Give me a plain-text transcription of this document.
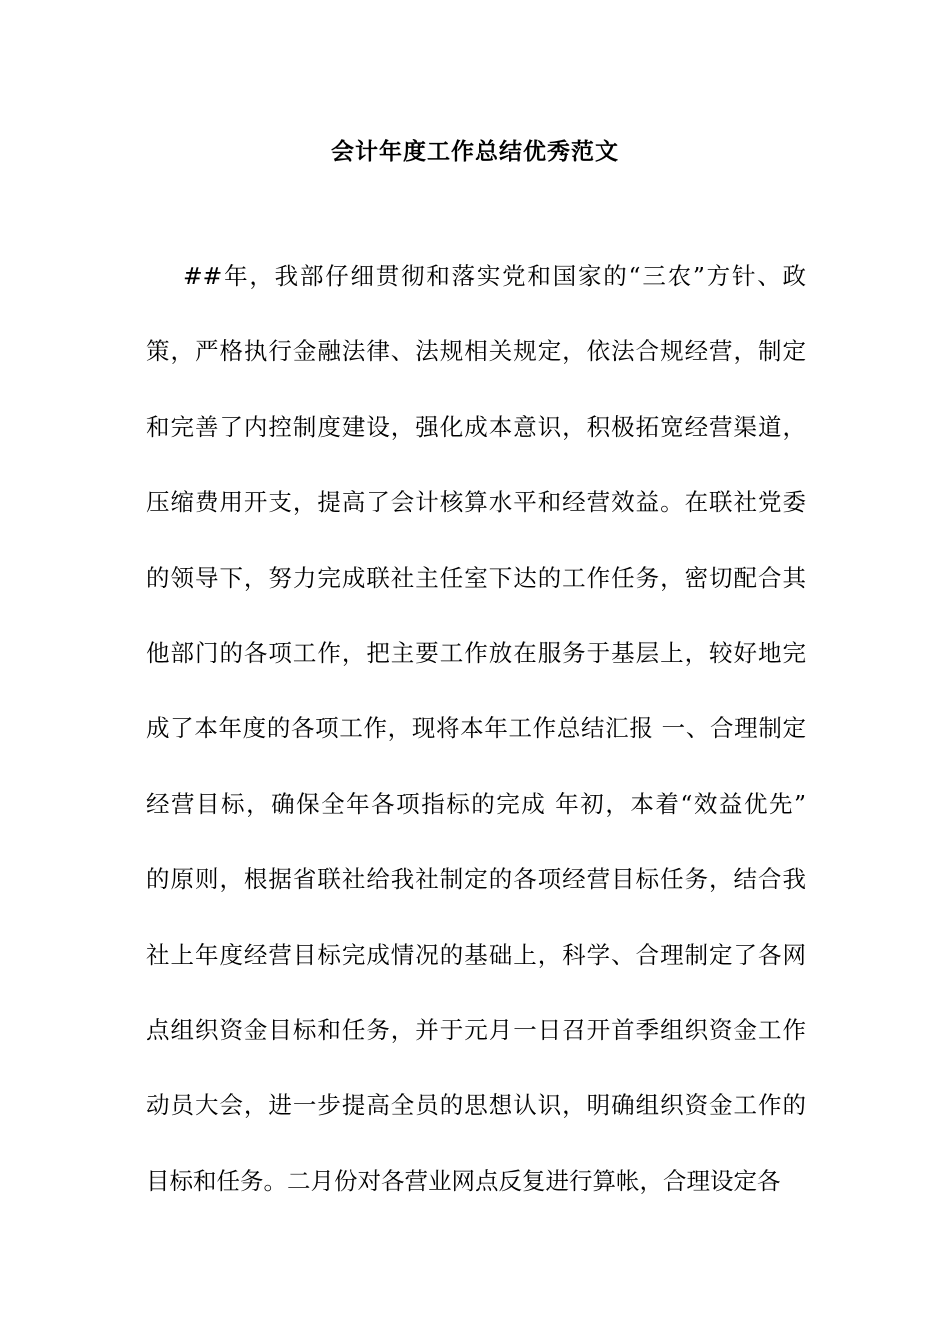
会计年度工作总结优秀范文
##年，我部仔细贯彻和落实党和国家的“三农”方针、政
策，严格执行金融法律、法规相关规定，依法合规经营，制定
和完善了内控制度建设，强化成本意识，积极拓宽经营渠道，
压缩费用开支，提高了会计核算水平和经营效益。在联社党委
的领导下，努力完成联社主任室下达的工作任务，密切配合其
他部门的各项工作，把主要工作放在服务于基层上，较好地完
成了本年度的各项工作，现将本年工作总结汇报 一、合理制定
经营目标，确保全年各项指标的完成 年初，本着“效益优先”
的原则，根据省联社给我社制定的各项经营目标任务，结合我
社上年度经营目标完成情况的基础上，科学、合理制定了各网
点组织资金目标和任务，并于元月一日召开首季组织资金工作
动员大会，进一步提高全员的思想认识，明确组织资金工作的
目标和任务。二月份对各营业网点反复进行算帐，合理设定各
